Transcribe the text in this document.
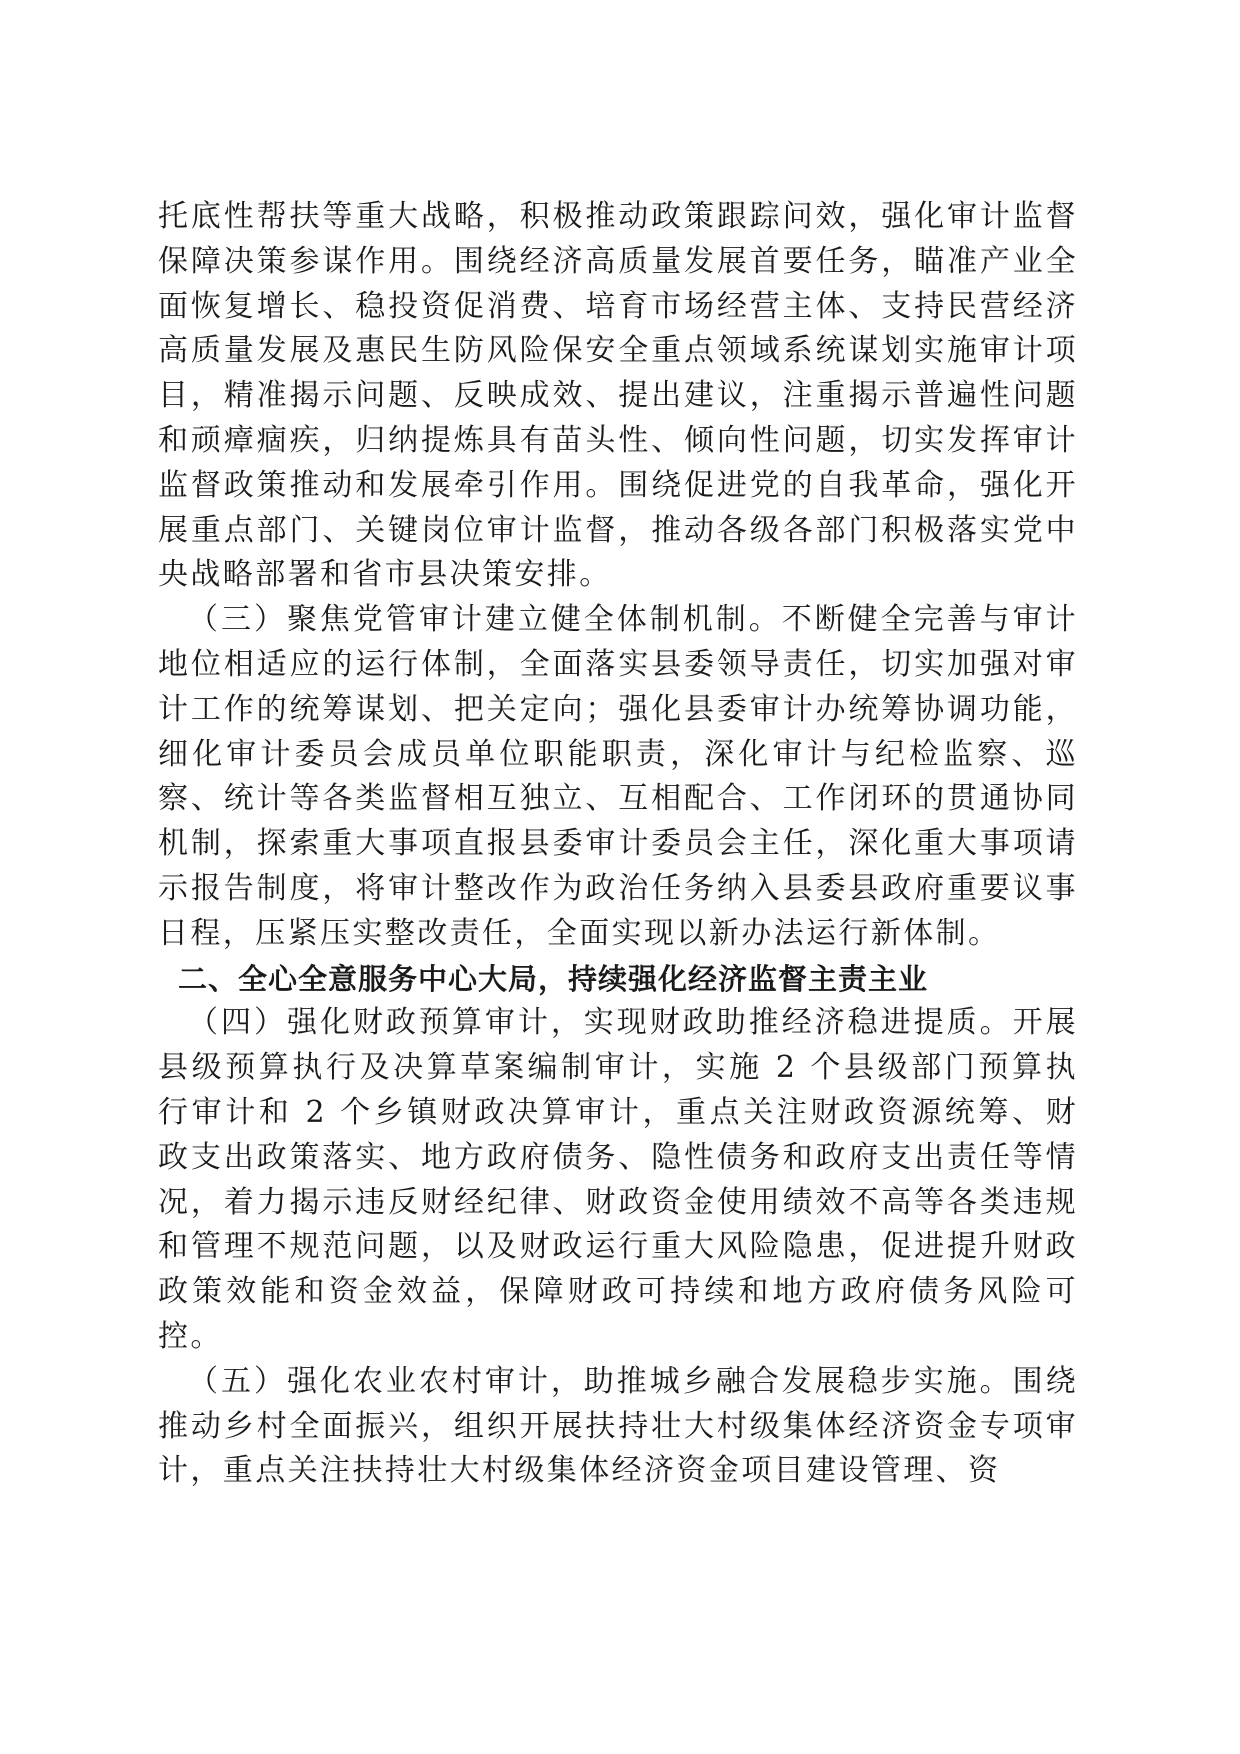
托底性帮扶等重大战略，积极推动政策跟踪问效，强化审计监督保障决策参谋作用。围绕经济高质量发展首要任务，瞄准产业全面恢复增长、稳投资促消费、培育市场经营主体、支持民营经济高质量发展及惠民生防风险保安全重点领域系统谋划实施审计项目，精准揭示问题、反映成效、提出建议，注重揭示普遍性问题和顽瘴痼疾，归纳提炼具有苗头性、倾向性问题，切实发挥审计监督政策推动和发展牵引作用。围绕促进党的自我革命，强化开展重点部门、关键岗位审计监督，推动各级各部门积极落实党中央战略部署和省市县决策安排。

（三）聚焦党管审计建立健全体制机制。不断健全完善与审计地位相适应的运行体制，全面落实县委领导责任，切实加强对审计工作的统筹谋划、把关定向；强化县委审计办统筹协调功能，细化审计委员会成员单位职能职责，深化审计与纪检监察、巡察、统计等各类监督相互独立、互相配合、工作闭环的贯通协同机制，探索重大事项直报县委审计委员会主任，深化重大事项请示报告制度，将审计整改作为政治任务纳入县委县政府重要议事日程，压紧压实整改责任，全面实现以新办法运行新体制。

二、全心全意服务中心大局，持续强化经济监督主责主业

（四）强化财政预算审计，实现财政助推经济稳进提质。开展县级预算执行及决算草案编制审计，实施 2 个县级部门预算执行审计和 2 个乡镇财政决算审计，重点关注财政资源统筹、财政支出政策落实、地方政府债务、隐性债务和政府支出责任等情况，着力揭示违反财经纪律、财政资金使用绩效不高等各类违规和管理不规范问题，以及财政运行重大风险隐患，促进提升财政政策效能和资金效益，保障财政可持续和地方政府债务风险可控。

（五）强化农业农村审计，助推城乡融合发展稳步实施。围绕推动乡村全面振兴，组织开展扶持壮大村级集体经济资金专项审计，重点关注扶持壮大村级集体经济资金项目建设管理、资
